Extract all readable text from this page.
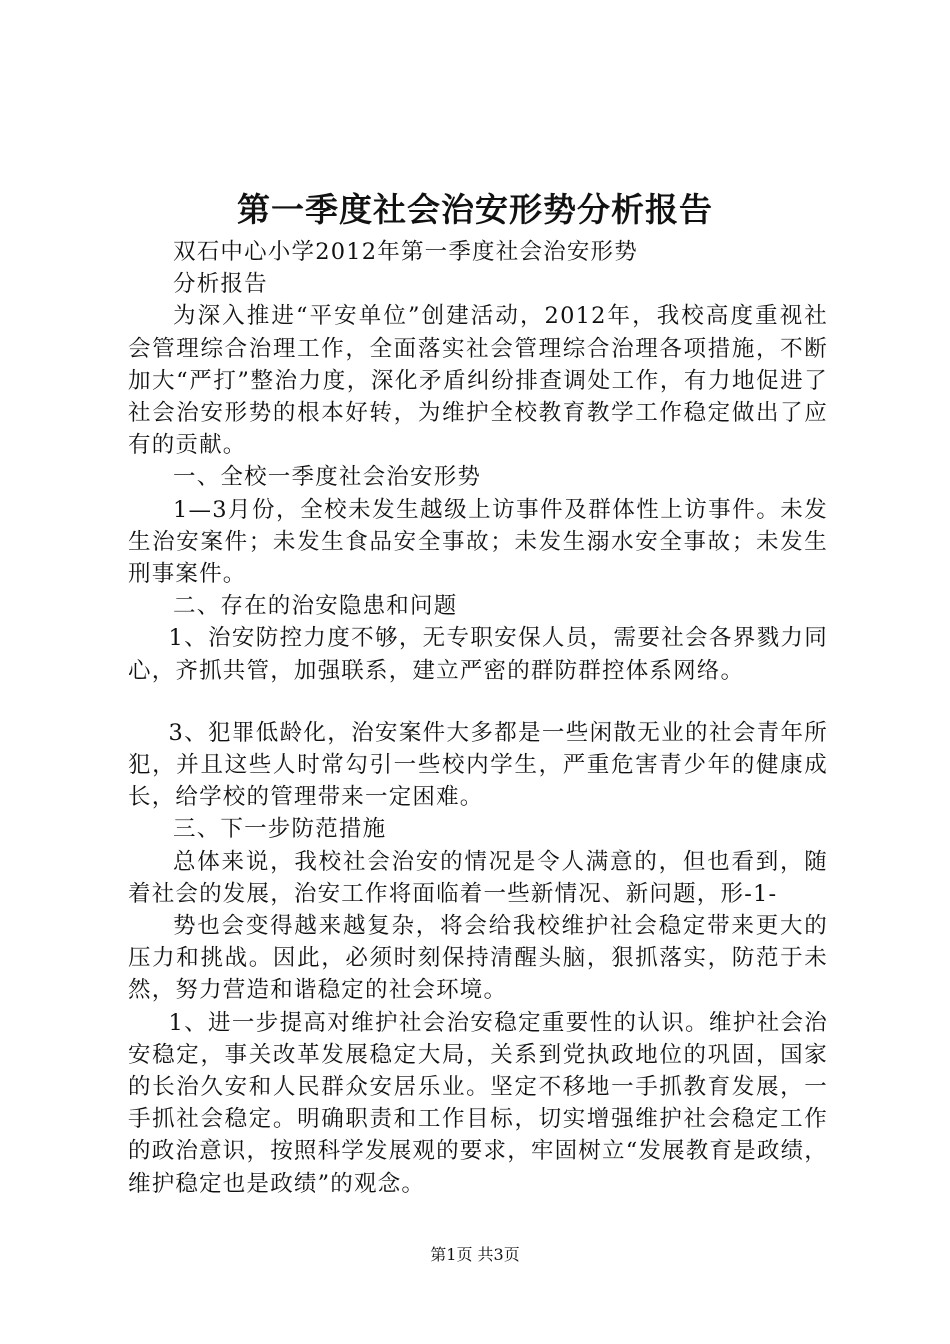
第一季度社会治安形势分析报告

双石中心小学2012年第一季度社会治安形势

分析报告

为深入推进“平安单位”创建活动，2012年，我校高度重视社会管理综合治理工作，全面落实社会管理综合治理各项措施，不断加大“严打”整治力度，深化矛盾纠纷排查调处工作，有力地促进了社会治安形势的根本好转，为维护全校教育教学工作稳定做出了应有的贡献。

一、全校一季度社会治安形势

1—3月份，全校未发生越级上访事件及群体性上访事件。未发生治安案件；未发生食品安全事故；未发生溺水安全事故；未发生刑事案件。

二、存在的治安隐患和问题

1、治安防控力度不够，无专职安保人员，需要社会各界戮力同心，齐抓共管，加强联系，建立严密的群防群控体系网络。

3、犯罪低龄化，治安案件大多都是一些闲散无业的社会青年所犯，并且这些人时常勾引一些校内学生，严重危害青少年的健康成长，给学校的管理带来一定困难。

三、下一步防范措施

总体来说，我校社会治安的情况是令人满意的，但也看到，随着社会的发展，治安工作将面临着一些新情况、新问题，形-1-

势也会变得越来越复杂，将会给我校维护社会稳定带来更大的压力和挑战。因此，必须时刻保持清醒头脑，狠抓落实，防范于未然，努力营造和谐稳定的社会环境。

1、进一步提高对维护社会治安稳定重要性的认识。维护社会治安稳定，事关改革发展稳定大局，关系到党执政地位的巩固，国家的长治久安和人民群众安居乐业。坚定不移地一手抓教育发展，一手抓社会稳定。明确职责和工作目标，切实增强维护社会稳定工作的政治意识，按照科学发展观的要求，牢固树立“发展教育是政绩，维护稳定也是政绩”的观念。

第1页 共3页
